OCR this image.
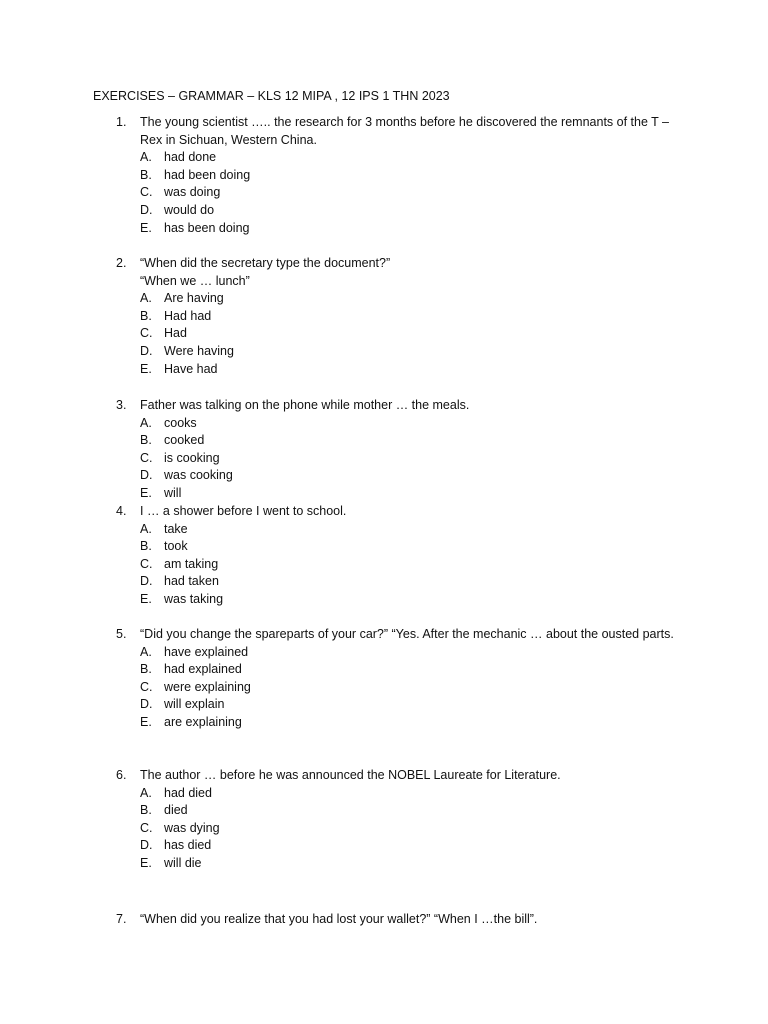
EXERCISES – GRAMMAR – KLS 12 MIPA , 12 IPS 1 THN 2023
1. The young scientist ….. the research for 3 months before he discovered the remnants of the T – Rex in Sichuan, Western China.
A. had done
B. had been doing
C. was doing
D. would do
E. has been doing
2. “When did the secretary type the document?”
“When we … lunch”
A. Are having
B. Had had
C. Had
D. Were having
E. Have had
3. Father was talking on the phone while mother … the meals.
A. cooks
B. cooked
C. is cooking
D. was cooking
E. will
4. I … a shower before I went to school.
A. take
B. took
C. am taking
D. had taken
E. was taking
5. “Did you change the spareparts of your car?” “Yes. After the mechanic … about the ousted parts.
A. have explained
B. had explained
C. were explaining
D. will explain
E. are explaining
6. The author … before he was announced the NOBEL Laureate for Literature.
A. had died
B. died
C. was dying
D. has died
E. will die
7. “When did you realize that you had lost your wallet?” “When I …the bill”.
